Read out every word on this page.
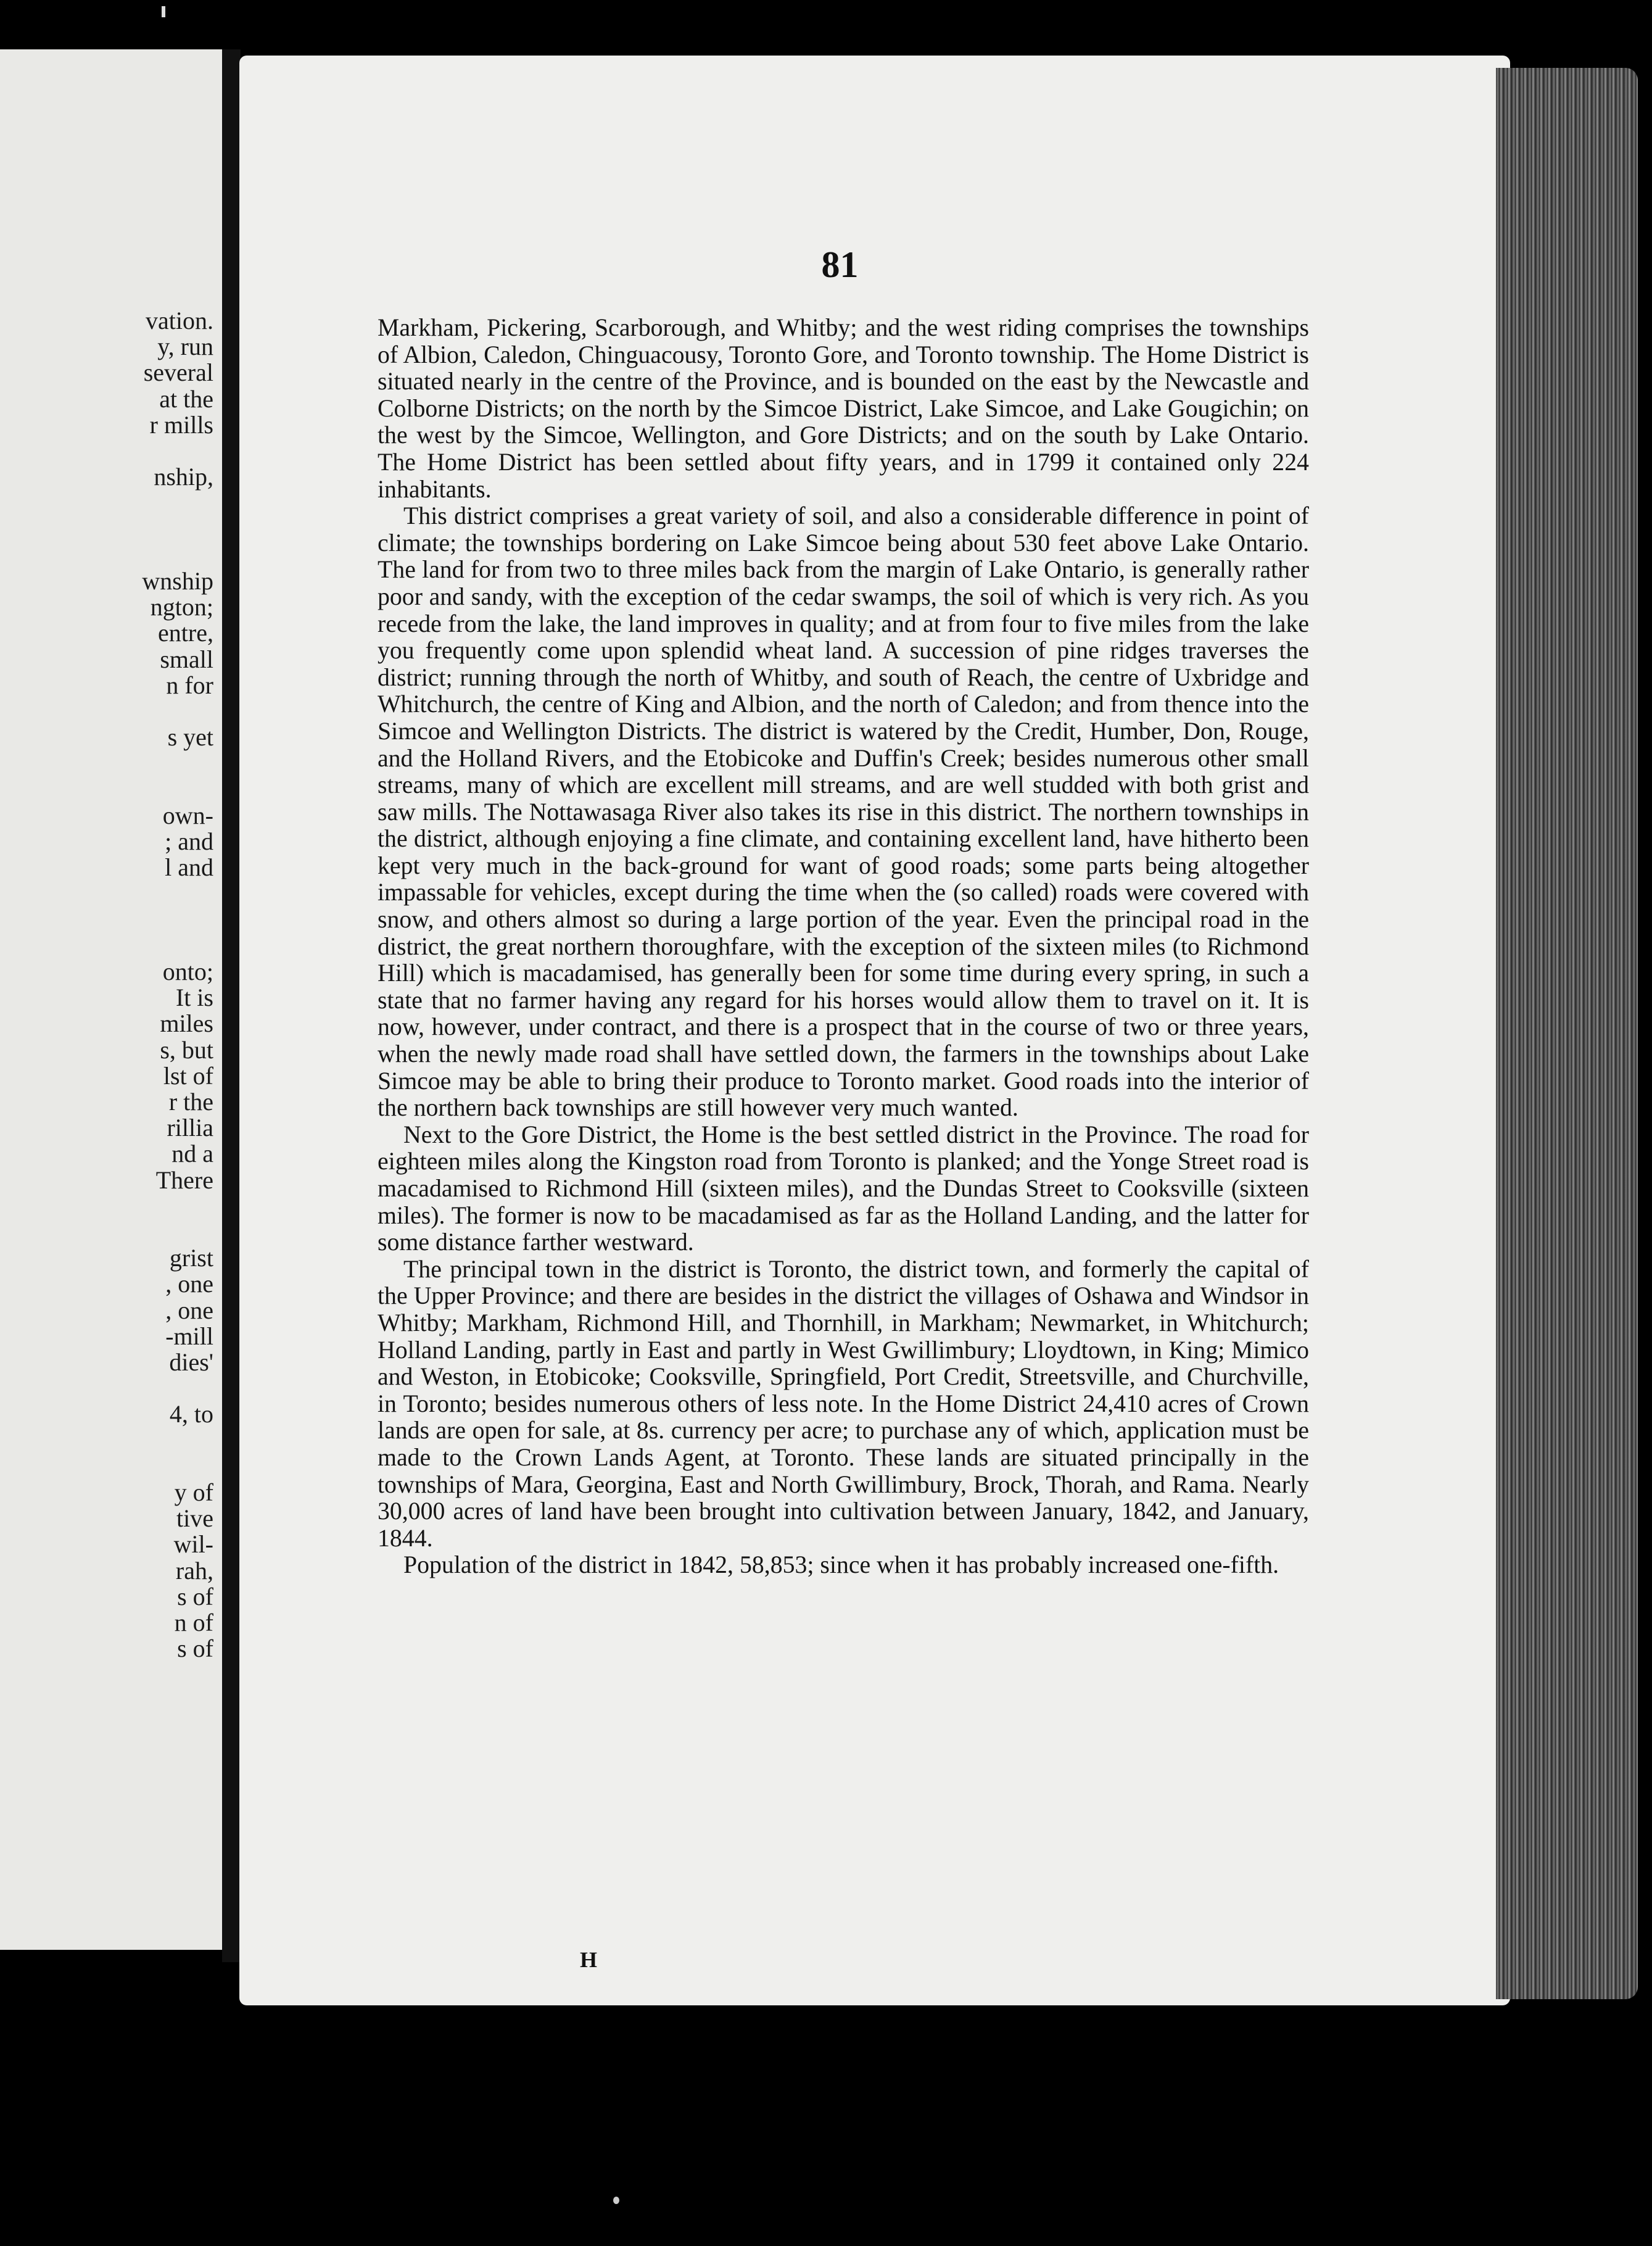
vation.
y, run
several
at the
r mills
nship,
wnship
ngton;
entre,
small
n for
s yet
own-
; and
l and
onto;
It is
miles
s, but
lst of
r the
rillia
nd a
There
grist
, one
, one
-mill
dies'
4, to
y of
tive
wil-
rah,
s of
n of
s of
81

Markham, Pickering, Scarborough, and Whitby; and the west riding comprises the townships of Albion, Caledon, Chinguacousy, Toronto Gore, and Toronto township. The Home District is situated nearly in the centre of the Province, and is bounded on the east by the Newcastle and Colborne Districts; on the north by the Simcoe District, Lake Simcoe, and Lake Gougichin; on the west by the Simcoe, Wellington, and Gore Districts; and on the south by Lake Ontario. The Home District has been settled about fifty years, and in 1799 it contained only 224 inhabitants.

This district comprises a great variety of soil, and also a considerable difference in point of climate; the townships bordering on Lake Simcoe being about 530 feet above Lake Ontario. The land for from two to three miles back from the margin of Lake Ontario, is generally rather poor and sandy, with the exception of the cedar swamps, the soil of which is very rich. As you recede from the lake, the land improves in quality; and at from four to five miles from the lake you frequently come upon splendid wheat land. A succession of pine ridges traverses the district; running through the north of Whitby, and south of Reach, the centre of Uxbridge and Whitchurch, the centre of King and Albion, and the north of Caledon; and from thence into the Simcoe and Wellington Districts. The district is watered by the Credit, Humber, Don, Rouge, and the Holland Rivers, and the Etobicoke and Duffin's Creek; besides numerous other small streams, many of which are excellent mill streams, and are well studded with both grist and saw mills. The Nottawasaga River also takes its rise in this district. The northern townships in the district, although enjoying a fine climate, and containing excellent land, have hitherto been kept very much in the back-ground for want of good roads; some parts being altogether impassable for vehicles, except during the time when the (so called) roads were covered with snow, and others almost so during a large portion of the year. Even the principal road in the district, the great northern thoroughfare, with the exception of the sixteen miles (to Richmond Hill) which is macadamised, has generally been for some time during every spring, in such a state that no farmer having any regard for his horses would allow them to travel on it. It is now, however, under contract, and there is a prospect that in the course of two or three years, when the newly made road shall have settled down, the farmers in the townships about Lake Simcoe may be able to bring their produce to Toronto market. Good roads into the interior of the northern back townships are still however very much wanted.

Next to the Gore District, the Home is the best settled district in the Province. The road for eighteen miles along the Kingston road from Toronto is planked; and the Yonge Street road is macadamised to Richmond Hill (sixteen miles), and the Dundas Street to Cooksville (sixteen miles). The former is now to be macadamised as far as the Holland Landing, and the latter for some distance farther westward.

The principal town in the district is Toronto, the district town, and formerly the capital of the Upper Province; and there are besides in the district the villages of Oshawa and Windsor in Whitby; Markham, Richmond Hill, and Thornhill, in Markham; Newmarket, in Whitchurch; Holland Landing, partly in East and partly in West Gwillimbury; Lloydtown, in King; Mimico and Weston, in Etobicoke; Cooksville, Springfield, Port Credit, Streetsville, and Churchville, in Toronto; besides numerous others of less note. In the Home District 24,410 acres of Crown lands are open for sale, at 8s. currency per acre; to purchase any of which, application must be made to the Crown Lands Agent, at Toronto. These lands are situated principally in the townships of Mara, Georgina, East and North Gwillimbury, Brock, Thorah, and Rama. Nearly 30,000 acres of land have been brought into cultivation between January, 1842, and January, 1844.

Population of the district in 1842, 58,853; since when it has probably increased one-fifth.

H
